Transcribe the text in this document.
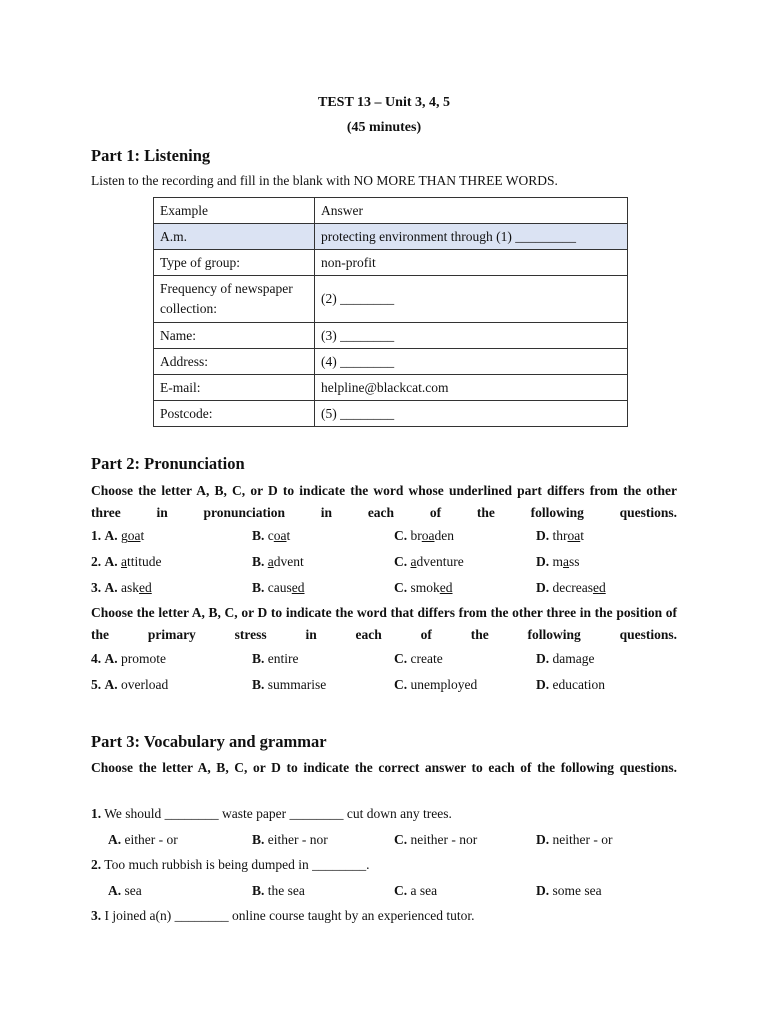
TEST 13 – Unit 3, 4, 5
(45 minutes)
Part 1: Listening
Listen to the recording and fill in the blank with NO MORE THAN THREE WORDS.
Example	Answer
A.m.	protecting environment through (1) _________
Type of group:	non-profit
Frequency of newspaper collection:	(2) ________
Name:	(3) ________
Address:	(4) ________
E-mail:	helpline@blackcat.com
Postcode:	(5) ________
Part 2: Pronunciation
Choose the letter A, B, C, or D to indicate the word whose underlined part differs from the other three in pronunciation in each of the following questions.
1. A. goat	B. coat	C. broaden	D. throat
2. A. attitude	B. advent	C. adventure	D. mass
3. A. asked	B. caused	C. smoked	D. decreased
Choose the letter A, B, C, or D to indicate the word that differs from the other three in the position of the primary stress in each of the following questions.
4. A. promote	B. entire	C. create	D. damage
5. A. overload	B. summarise	C. unemployed	D. education
Part 3: Vocabulary and grammar
Choose the letter A, B, C, or D to indicate the correct answer to each of the following questions.
1. We should ________ waste paper ________ cut down any trees.
A. either - or	B. either - nor	C. neither - nor	D. neither - or
2. Too much rubbish is being dumped in ________.
A. sea	B. the sea	C. a sea	D. some sea
3. I joined a(n) ________ online course taught by an experienced tutor.
